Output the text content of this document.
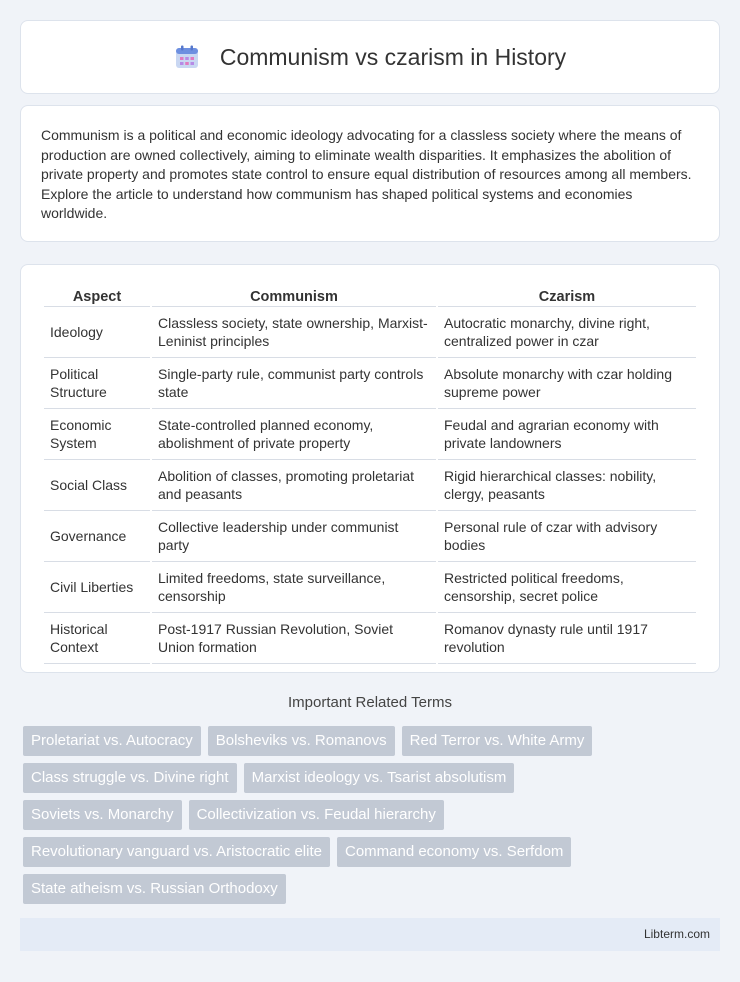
Communism vs czarism in History

Communism is a political and economic ideology advocating for a classless society where the means of production are owned collectively, aiming to eliminate wealth disparities. It emphasizes the abolition of private property and promotes state control to ensure equal distribution of resources among all members. Explore the article to understand how communism has shaped political systems and economies worldwide.

Aspect	Communism	Czarism
Ideology	Classless society, state ownership, Marxist-Leninist principles	Autocratic monarchy, divine right, centralized power in czar
Political Structure	Single-party rule, communist party controls state	Absolute monarchy with czar holding supreme power
Economic System	State-controlled planned economy, abolishment of private property	Feudal and agrarian economy with private landowners
Social Class	Abolition of classes, promoting proletariat and peasants	Rigid hierarchical classes: nobility, clergy, peasants
Governance	Collective leadership under communist party	Personal rule of czar with advisory bodies
Civil Liberties	Limited freedoms, state surveillance, censorship	Restricted political freedoms, censorship, secret police
Historical Context	Post-1917 Russian Revolution, Soviet Union formation	Romanov dynasty rule until 1917 revolution
Important Related Terms
Proletariat vs. Autocracy	Bolsheviks vs. Romanovs	Red Terror vs. White Army
Class struggle vs. Divine right	Marxist ideology vs. Tsarist absolutism
Soviets vs. Monarchy	Collectivization vs. Feudal hierarchy
Revolutionary vanguard vs. Aristocratic elite	Command economy vs. Serfdom
State atheism vs. Russian Orthodoxy
Libterm.com
